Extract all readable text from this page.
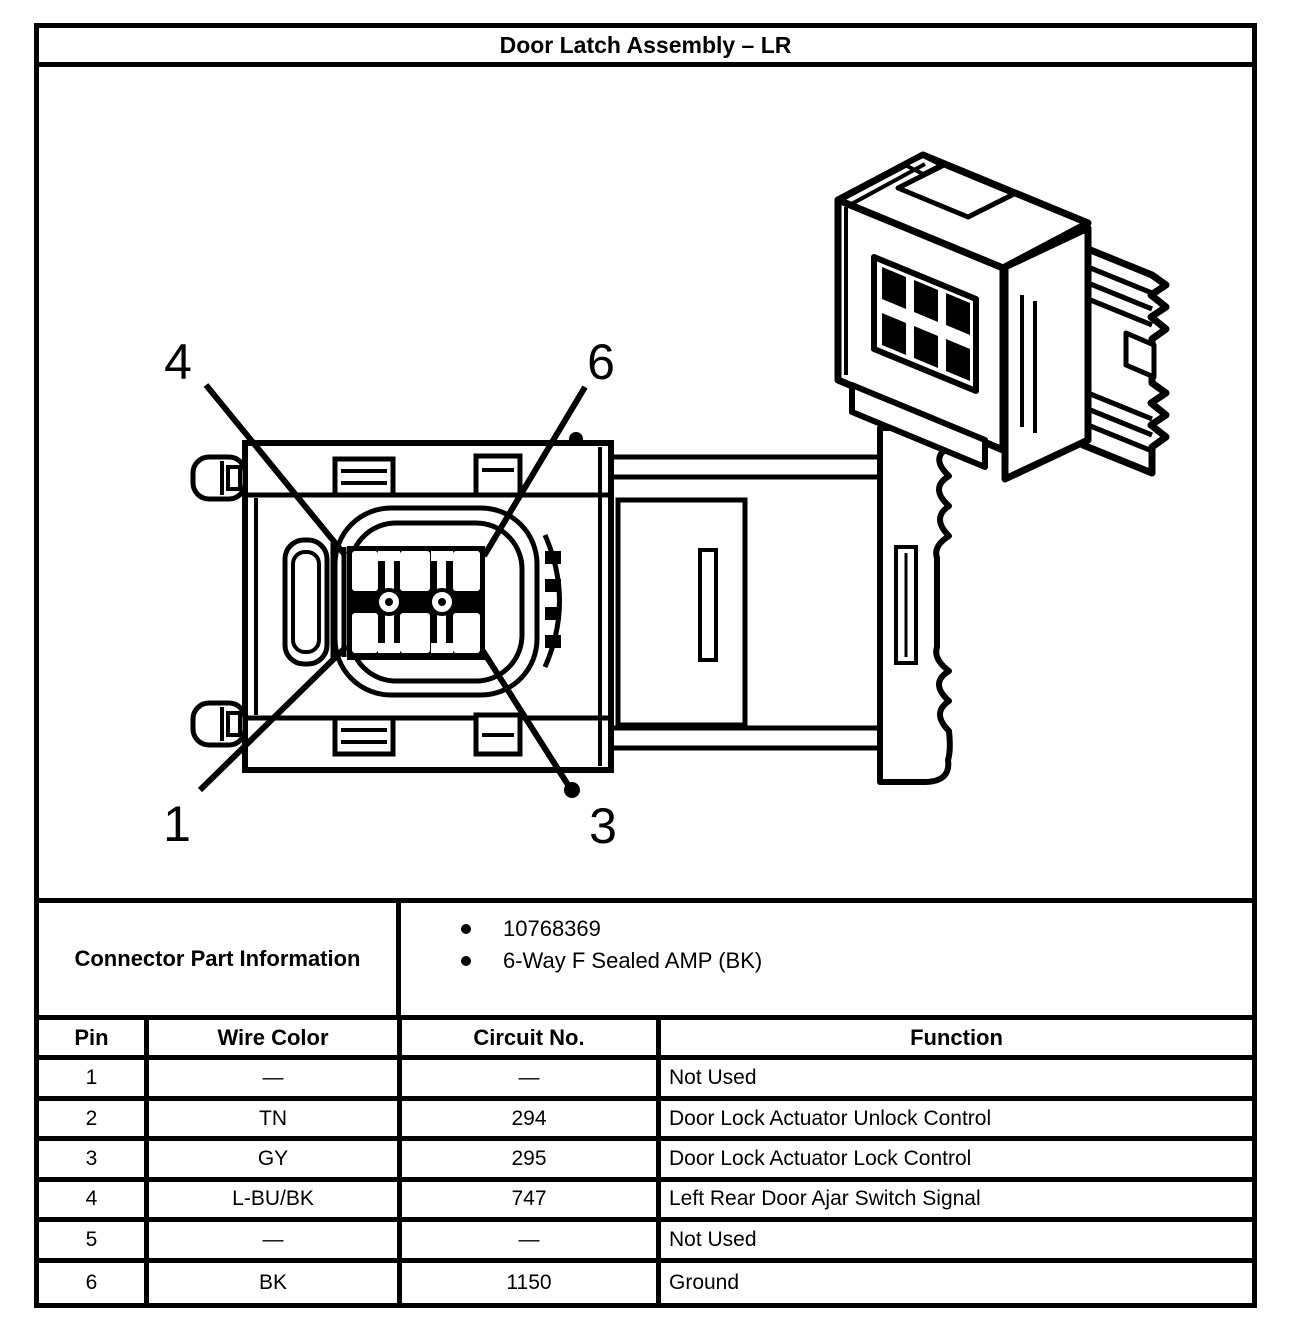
Door Latch Assembly – LR
4	6
1	3
Connector Part Information
10768369
6-Way F Sealed AMP (BK)
Pin	Wire Color	Circuit No.	Function
1	—	—	Not Used
2	TN	294	Door Lock Actuator Unlock Control
3	GY	295	Door Lock Actuator Lock Control
4	L-BU/BK	747	Left Rear Door Ajar Switch Signal
5	—	—	Not Used
6	BK	1150	Ground
